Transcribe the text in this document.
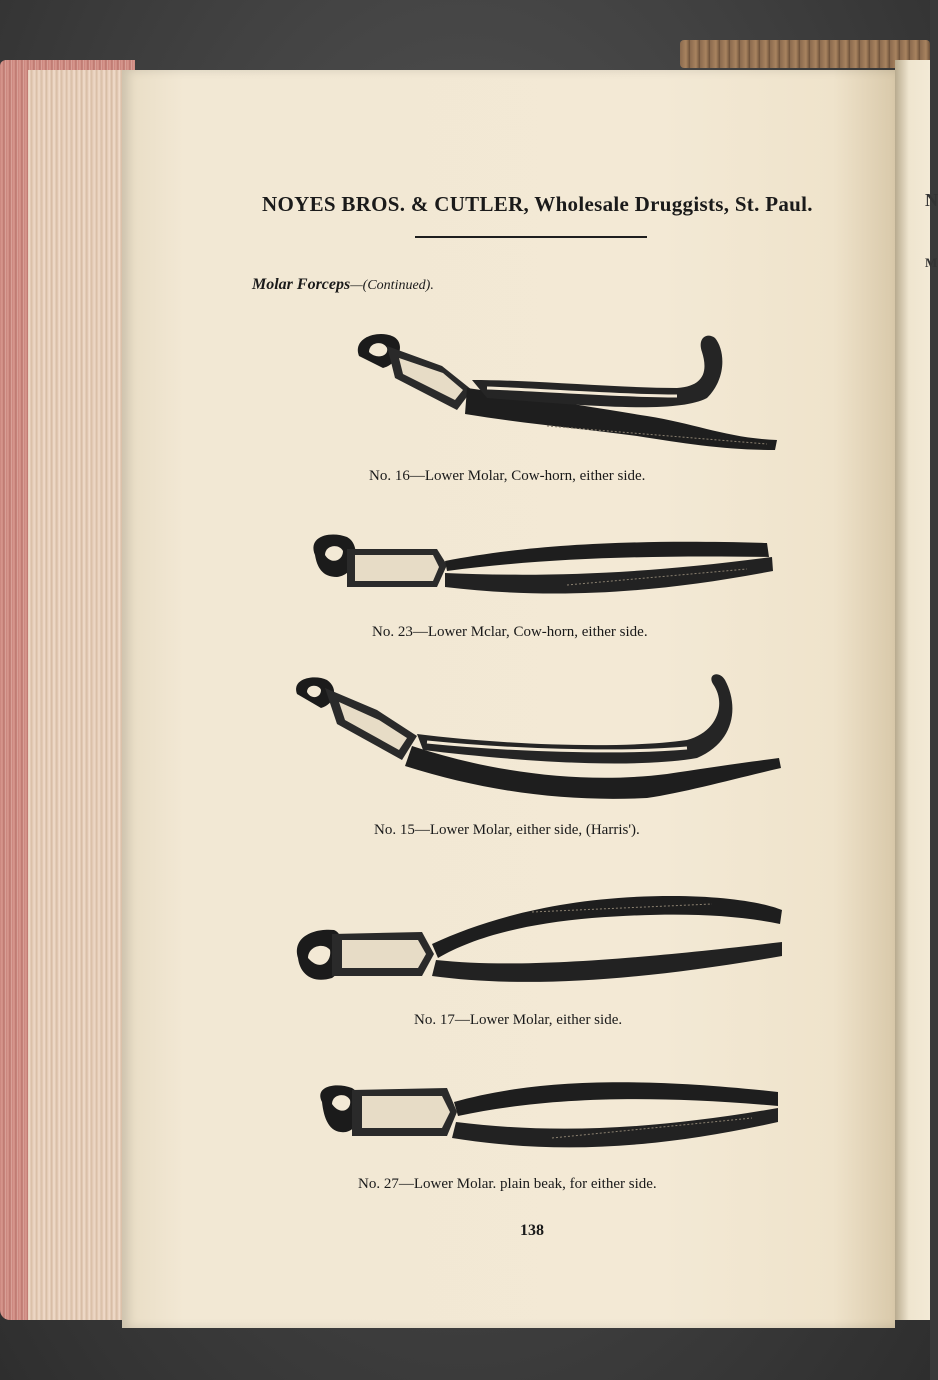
N
M
NOYES BROS. & CUTLER, Wholesale Druggists, St. Paul.
Molar Forceps—(Continued).
No. 16—Lower Molar, Cow-horn, either side.
No. 23—Lower Mclar, Cow-horn, either side.
No. 15—Lower Molar, either side, (Harris').
No. 17—Lower Molar, either side.
No. 27—Lower Molar. plain beak, for either side.
138
